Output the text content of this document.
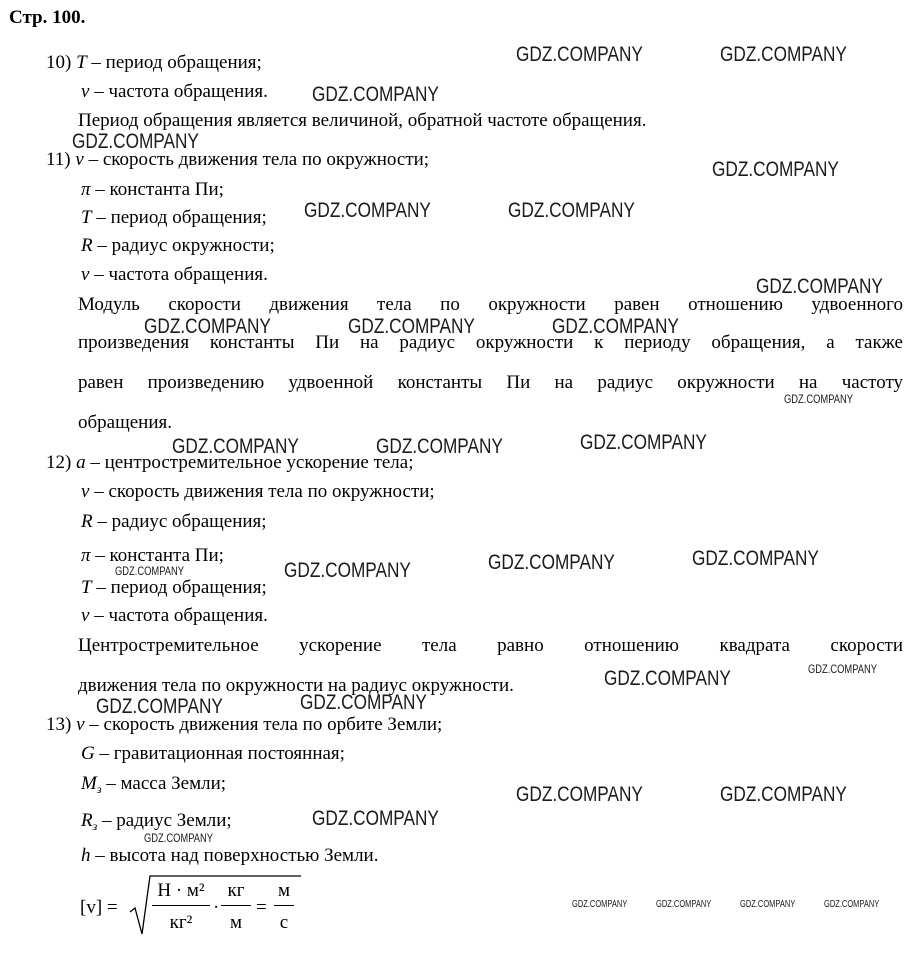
Стр. 100.
10) T – период обращения;
ν – частота обращения.
Период обращения является величиной, обратной частоте обращения.
11) v – скорость движения тела по окружности;
π – константа Пи;
T – период обращения;
R – радиус окружности;
ν – частота обращения.
Модуль скорости движения тела по окружности равен отношению удвоенного
произведения константы Пи на радиус окружности к периоду обращения, а также
равен произведению удвоенной константы Пи на радиус окружности на частоту
обращения.
12) a – центростремительное ускорение тела;
v – скорость движения тела по окружности;
R – радиус обращения;
π – константа Пи;
T – период обращения;
ν – частота обращения.
Центростремительное ускорение тела равно отношению квадрата скорости
движения тела по окружности на радиус окружности.
13) v – скорость движения тела по орбите Земли;
G – гравитационная постоянная;
$M_з$ – масса Земли;
$R_з$ – радиус Земли;
h – высота над поверхностью Земли.
[v] =
Н · м²
кг²
·
кг
м
=
м
с
GDZ.COMPANY	GDZ.COMPANY
GDZ.COMPANY
GDZ.COMPANY
GDZ.COMPANY
GDZ.COMPANY	GDZ.COMPANY
GDZ.COMPANY
GDZ.COMPANY	GDZ.COMPANY	GDZ.COMPANY
GDZ.COMPANY
GDZ.COMPANY	GDZ.COMPANY	GDZ.COMPANY
GDZ.COMPANY
GDZ.COMPANY
GDZ.COMPANY
GDZ.COMPANY
GDZ.COMPANY
GDZ.COMPANY
GDZ.COMPANY	GDZ.COMPANY
GDZ.COMPANY	GDZ.COMPANY
GDZ.COMPANY
GDZ.COMPANY
GDZ.COMPANY	GDZ.COMPANY	GDZ.COMPANY	GDZ.COMPANY
